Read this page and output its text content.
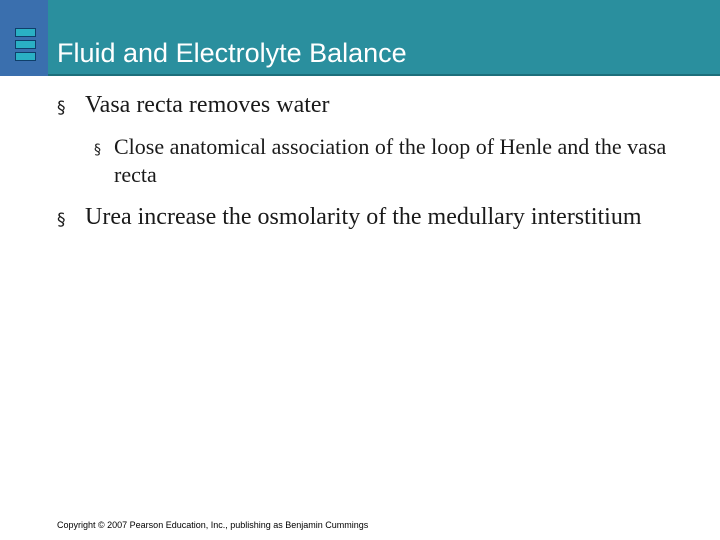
Fluid and Electrolyte Balance
§ Vasa recta removes water
§ Close anatomical association of the loop of Henle and the vasa recta
§ Urea increase the osmolarity of the medullary interstitium
Copyright © 2007 Pearson Education, Inc., publishing as Benjamin Cummings
